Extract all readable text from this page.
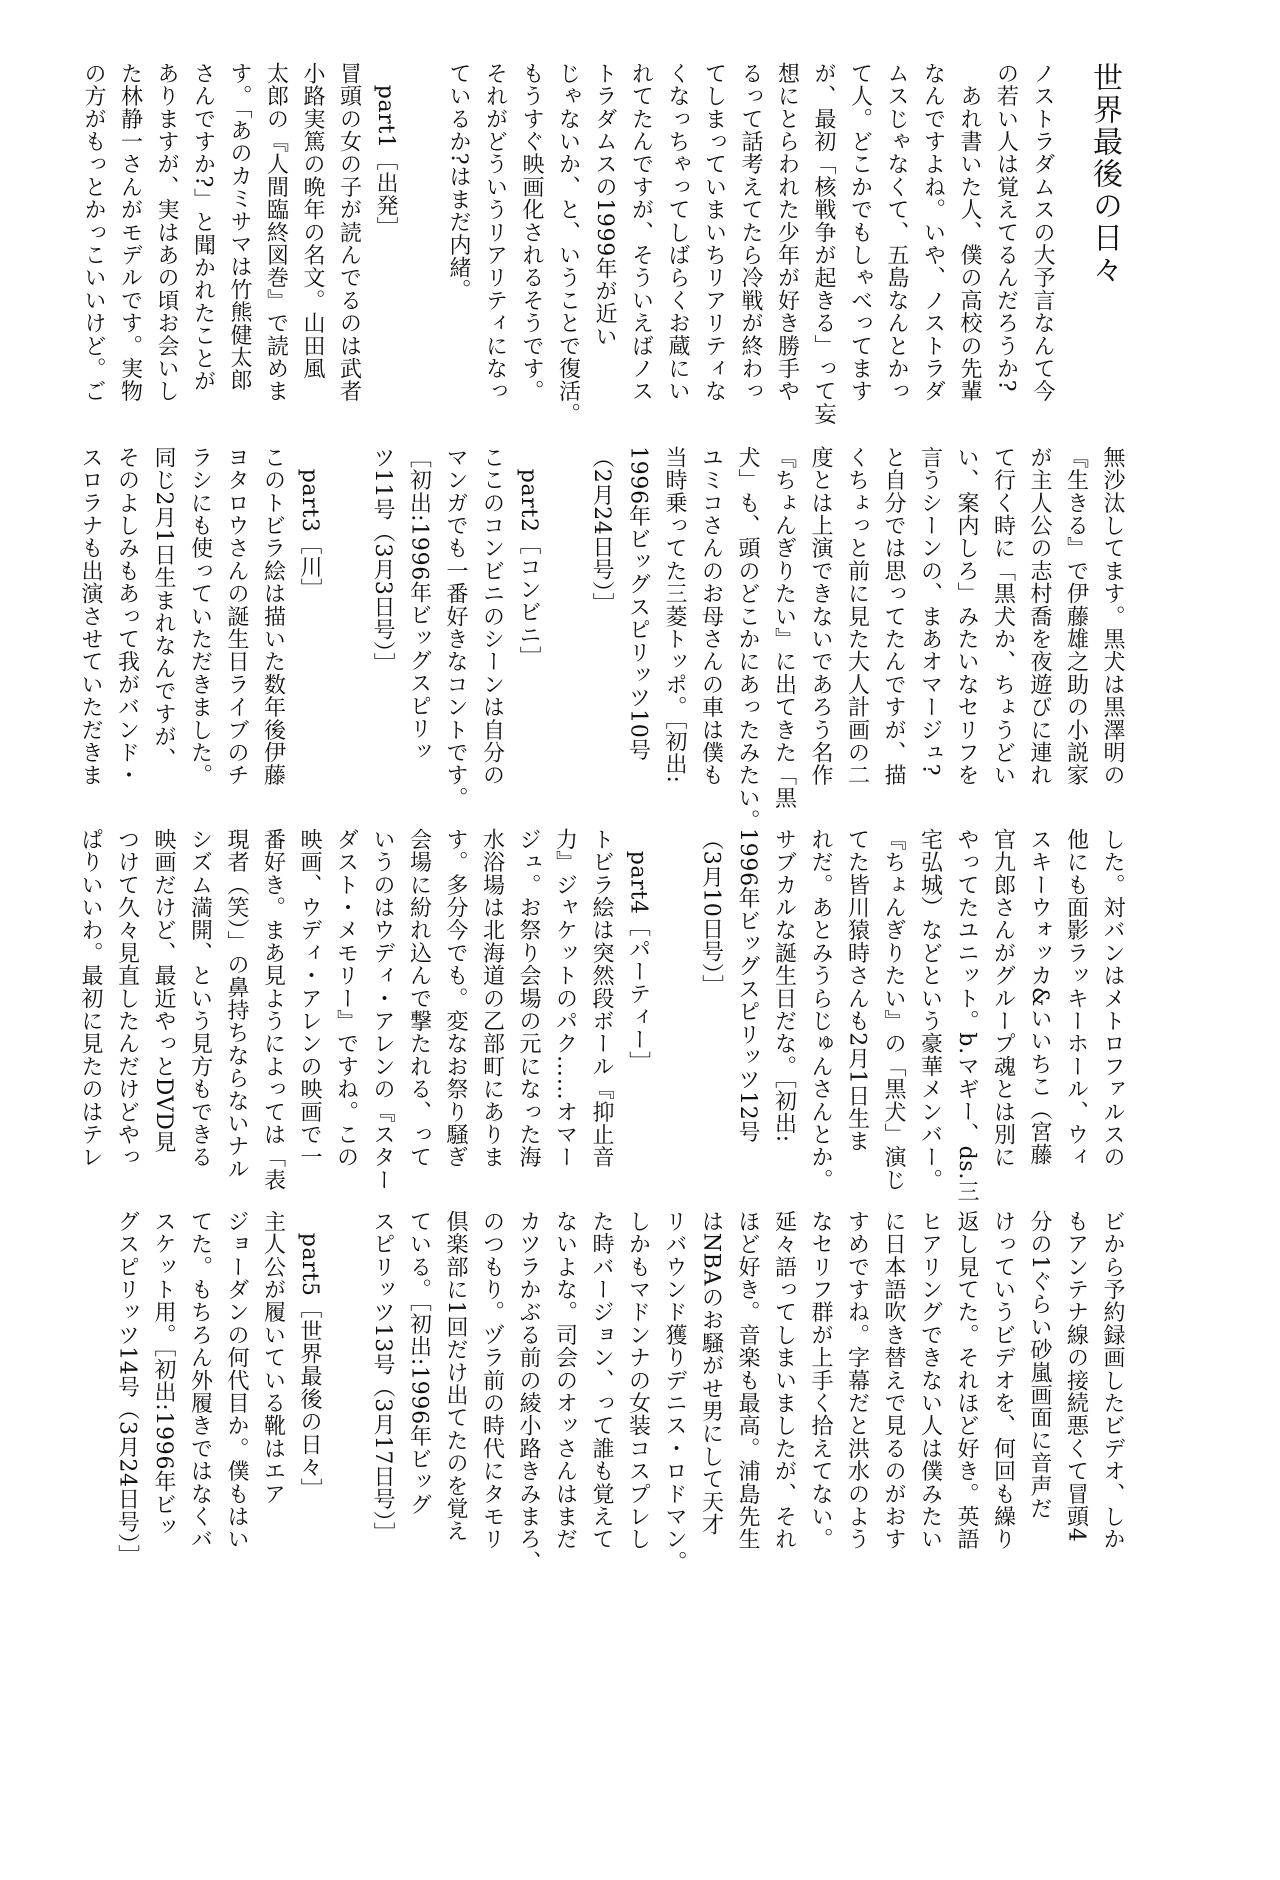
世界最後の日々
ノストラダムスの大予言なんて今
の若い人は覚えてるんだろうか?
　あれ書いた人、僕の高校の先輩
なんですよね。いや、ノストラダ
ムスじゃなくて、五島なんとかっ
て人。どこかでもしゃべってます
が、最初「核戦争が起きる」って妄
想にとらわれた少年が好き勝手や
るって話考えてたら冷戦が終わっ
てしまっていまいちリアリティな
くなっちゃってしばらくお蔵にい
れてたんですが、そういえばノス
トラダムスの1999年が近い
じゃないか、と、いうことで復活。
もうすぐ映画化されるそうです。
それがどういうリアリティになっ
ているか?はまだ内緒。

　part1［出発］
冒頭の女の子が読んでるのは武者
小路実篤の晩年の名文。山田風
太郎の『人間臨終図巻』で読めま
す。「あのカミサマは竹熊健太郎
さんですか?」と聞かれたことが
ありますが、実はあの頃お会いし
た林静一さんがモデルです。実物
の方がもっとかっこいいけど。ご

無沙汰してます。黒犬は黒澤明の
『生きる』で伊藤雄之助の小説家
が主人公の志村喬を夜遊びに連れ
て行く時に「黒犬か、ちょうどい
い、案内しろ」みたいなセリフを
言うシーンの、まあオマージュ?
と自分では思ってたんですが、描
くちょっと前に見た大人計画の二
度とは上演できないであろう名作
『ちょんぎりたい』に出てきた「黒
犬」も、頭のどこかにあったみたい。
ユミコさんのお母さんの車は僕も
当時乗ってた三菱トッポ。［初出:
1996年ビッグスピリッツ10号
（2月24日号）］

　part2［コンビニ］
ここのコンビニのシーンは自分の
マンガでも一番好きなコントです。
［初出:1996年ビッグスピリッ
ツ11号（3月3日号）］

　part3［川］
このトビラ絵は描いた数年後伊藤
ヨタロウさんの誕生日ライブのチ
ラシにも使っていただきました。
同じ2月1日生まれなんですが、
そのよしみもあって我がバンド・
スロラナも出演させていただきま

した。対バンはメトロファルスの
他にも面影ラッキーホール、ウィ
スキーウォッカ&いいちこ（宮藤
官九郎さんがグループ魂とは別に
やってたユニット。b.マギー、ds.三
宅弘城）などという豪華メンバー。
『ちょんぎりたい』の「黒犬」演じ
てた皆川猿時さんも2月1日生ま
れだ。あとみうらじゅんさんとか。
サブカルな誕生日だな。［初出:
1996年ビッグスピリッツ12号
（3月10日号）］

　part4［パーティー］
トビラ絵は突然段ボール『抑止音
力』ジャケットのパク……オマー
ジュ。お祭り会場の元になった海
水浴場は北海道の乙部町にありま
す。多分今でも。変なお祭り騒ぎ
会場に紛れ込んで撃たれる、って
いうのはウディ・アレンの『スター
ダスト・メモリー』ですね。この
映画、ウディ・アレンの映画で一
番好き。まあ見ようによっては「表
現者（笑）」の鼻持ちならないナル
シズム満開、という見方もできる
映画だけど、最近やっとDVD見
つけて久々見直したんだけどやっ
ぱりいいわ。最初に見たのはテレ

ビから予約録画したビデオ、しか
もアンテナ線の接続悪くて冒頭4
分の1ぐらい砂嵐画面に音声だ
けっていうビデオを、何回も繰り
返し見てた。それほど好き。英語
ヒアリングできない人は僕みたい
に日本語吹き替えで見るのがおす
すめですね。字幕だと洪水のよう
なセリフ群が上手く拾えてない。
延々語ってしまいましたが、それ
ほど好き。音楽も最高。浦島先生
はNBAのお騒がせ男にして天才
リバウンド獲りデニス・ロドマン。
しかもマドンナの女装コスプレし
た時バージョン、って誰も覚えて
ないよな。司会のオッさんはまだ
カツラかぶる前の綾小路きみまろ、
のつもり。ヅラ前の時代にタモリ
倶楽部に1回だけ出てたのを覚え
ている。［初出:1996年ビッグ
スピリッツ13号（3月17日号）］

　part5［世界最後の日々］
主人公が履いている靴はエア
ジョーダンの何代目か。僕もはい
てた。もちろん外履きではなくバ
スケット用。［初出:1996年ビッ
グスピリッツ14号（3月24日号）］
